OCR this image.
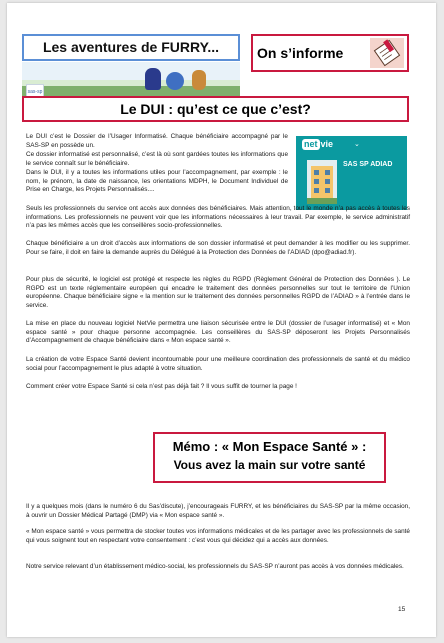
Les aventures de FURRY...
sas-sp
On s’informe
Le DUI : qu’est ce que c’est?
net vie	⌄
SAS SP ADIAD

Le DUI c’est le Dossier de l’Usager Informatisé. Chaque bénéficiaire accompagné par le SAS-SP en possède un.

Ce dossier informatisé est personnalisé, c’est là où sont gardées toutes les informations que le service connaît sur le bénéficiaire.

Dans le DUI, il y a toutes les informations utiles pour l’accompagnement, par exemple : le nom, le prénom, la date de naissance, les orientations MDPH, le Document Individuel de Prise en Charge, les Projets Personnalisés....

Seuls les professionnels du service ont accès aux données des bénéficiaires. Mais attention, tout le monde n’a pas accès à toutes les informations. Les professionnels ne peuvent voir que les informations nécessaires à leur travail. Par exemple, le service administratif n’a pas les mêmes accès que les conseillères socio-professionnelles.

Chaque bénéficiaire a un droit d’accès aux informations de son dossier informatisé et peut demander à les modifier ou les supprimer. Pour se faire, il doit en faire la demande auprès du Délégué à la Protection des Données de l’ADIAD (dpo@adiad.fr).

Pour plus de sécurité, le logiciel est protégé et respecte les règles du RGPD (Règlement Général de Protection des Données ). Le RGPD est un texte réglementaire européen qui encadre le traitement des données personnelles sur tout le territoire de l’Union européenne. Chaque bénéficiaire signe « la mention sur le traitement des données personnelles RGPD de l’ADIAD » à l’entrée dans le service.

La mise en place du nouveau logiciel NetVie permettra une liaison sécurisée entre le DUI (dossier de l’usager informatisé) et « Mon espace santé » pour chaque personne accompagnée. Les conseillères du SAS-SP déposeront les Projets Personnalisés d’Accompagnement de chaque bénéficiaire dans « Mon espace santé ».

La création de votre Espace Santé devient incontournable pour une meilleure coordination des professionnels de santé et du médico social pour l’accompagnement le plus adapté à votre situation.

Comment créer votre Espace Santé si cela n’est pas déjà fait ? Il vous suffit de tourner la page !

Mémo : « Mon Espace Santé » :
Vous avez la main sur votre santé

Il y a quelques mois (dans le numéro 6 du Sas’discute), j’encourageais FURRY, et les bénéficiaires du SAS-SP par la même occasion, à ouvrir un Dossier Médical Partagé (DMP) via « Mon espace santé ».

« Mon espace santé » vous permettra de stocker toutes vos informations médicales et de les partager avec les professionnels de santé qui vous soignent tout en respectant votre consentement : c’est vous qui décidez qui a accès aux données.

Notre service relevant d’un établissement médico-social, les professionnels du SAS-SP n’auront pas accès à vos données médicales.

15
